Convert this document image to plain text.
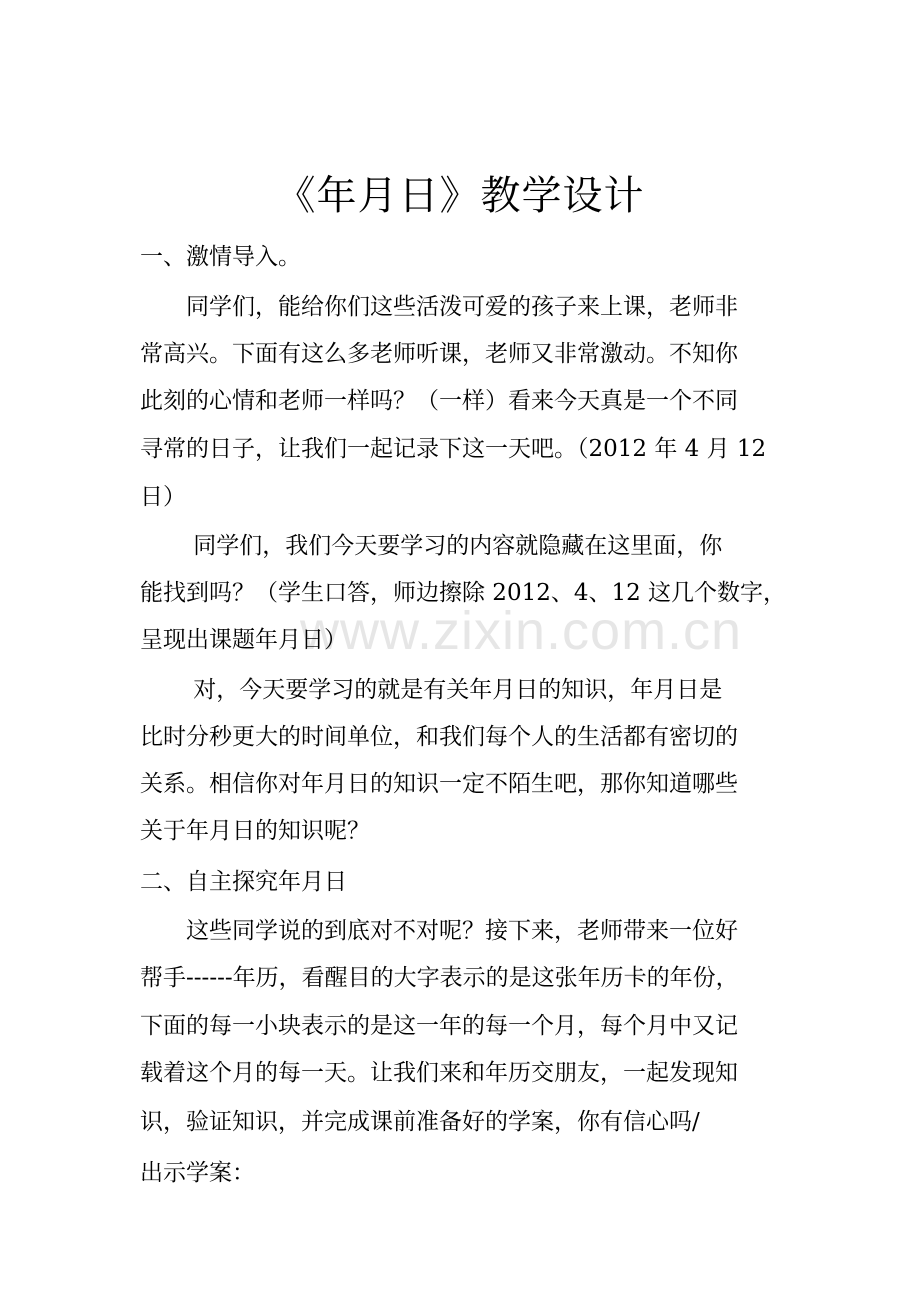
www.zixin.com.cn
《年月日》教学设计
一、激情导入。
　　同学们，能给你们这些活泼可爱的孩子来上课，老师非
常高兴。下面有这么多老师听课，老师又非常激动。不知你
此刻的心情和老师一样吗？（一样）看来今天真是一个不同
寻常的日子，让我们一起记录下这一天吧。（2012 年 4 月 12
日）
　　 同学们，我们今天要学习的内容就隐藏在这里面，你
能找到吗？（学生口答，师边擦除 2012、4、12 这几个数字，
呈现出课题年月日）
　　 对，今天要学习的就是有关年月日的知识，年月日是
比时分秒更大的时间单位，和我们每个人的生活都有密切的
关系。相信你对年月日的知识一定不陌生吧，那你知道哪些
关于年月日的知识呢？
二、自主探究年月日
　　这些同学说的到底对不对呢？接下来，老师带来一位好
帮手------年历，看醒目的大字表示的是这张年历卡的年份，
下面的每一小块表示的是这一年的每一个月，每个月中又记
载着这个月的每一天。让我们来和年历交朋友，一起发现知
识，验证知识，并完成课前准备好的学案，你有信心吗/
出示学案：
